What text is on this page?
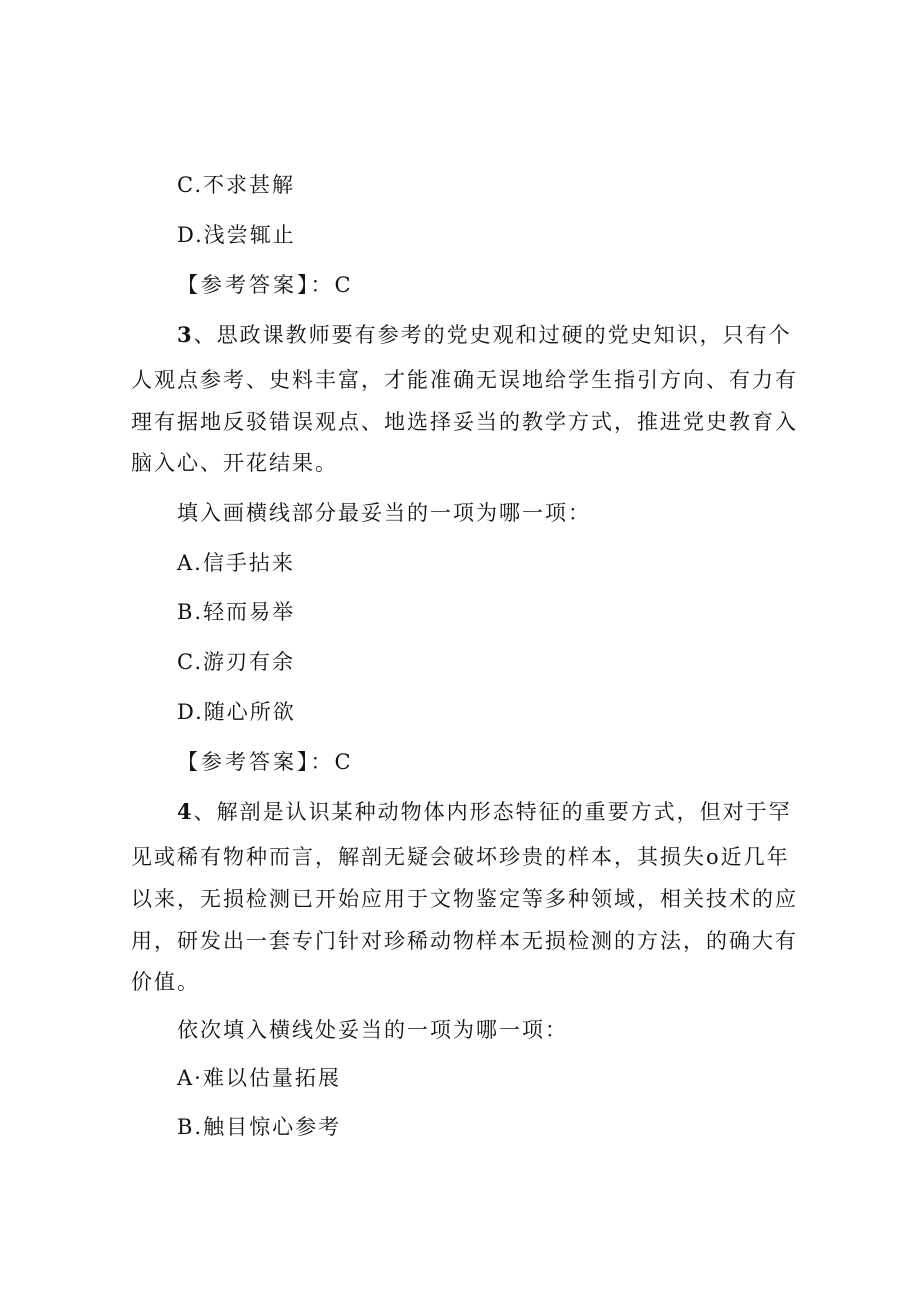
C.不求甚解
D.浅尝辄止
【参考答案】：C
3、思政课教师要有参考的党史观和过硬的党史知识，只有个
人观点参考、史料丰富，才能准确无误地给学生指引方向、有力有
理有据地反驳错误观点、地选择妥当的教学方式，推进党史教育入
脑入心、开花结果。
填入画横线部分最妥当的一项为哪一项：
A.信手拈来
B.轻而易举
C.游刃有余
D.随心所欲
【参考答案】：C
4、解剖是认识某种动物体内形态特征的重要方式，但对于罕
见或稀有物种而言，解剖无疑会破坏珍贵的样本，其损失o近几年
以来，无损检测已开始应用于文物鉴定等多种领域，相关技术的应
用，研发出一套专门针对珍稀动物样本无损检测的方法，的确大有
价值。
依次填入横线处妥当的一项为哪一项：
A·难以估量拓展
B.触目惊心参考
